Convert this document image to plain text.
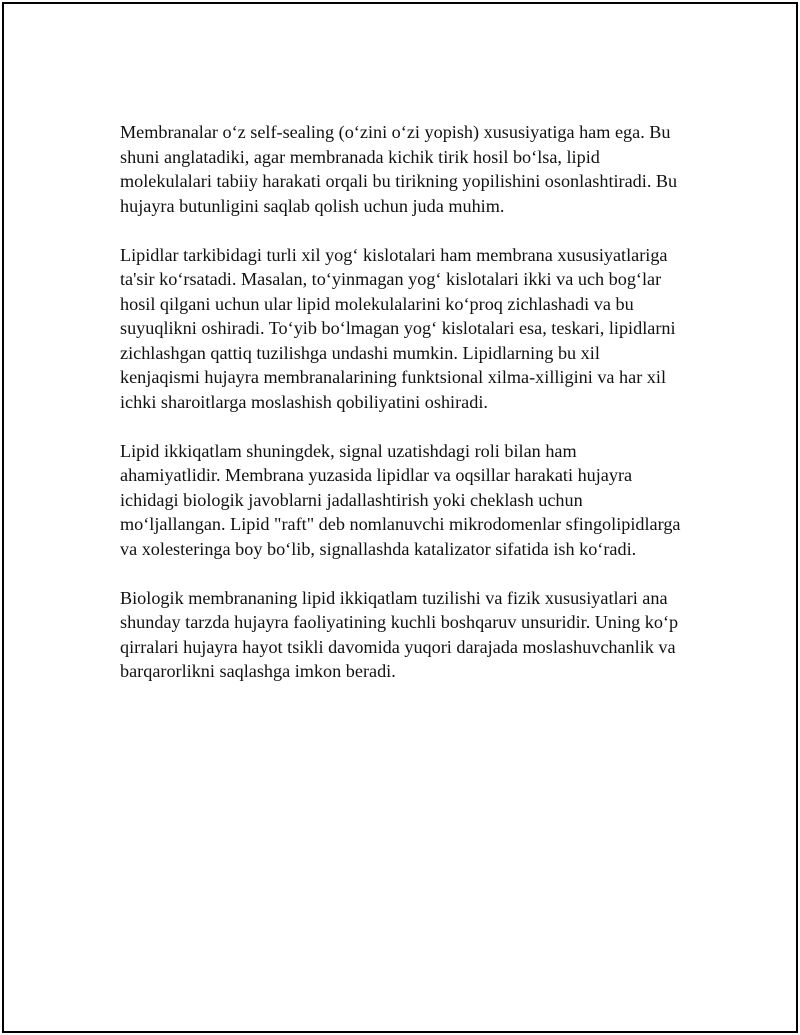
Membranalar o‘z self-sealing (o‘zini o‘zi yopish) xususiyatiga ham ega. Bu
shuni anglatadiki, agar membranada kichik tirik hosil bo‘lsa, lipid
molekulalari tabiiy harakati orqali bu tirikning yopilishini osonlashtiradi. Bu
hujayra butunligini saqlab qolish uchun juda muhim.

Lipidlar tarkibidagi turli xil yog‘ kislotalari ham membrana xususiyatlariga
ta'sir ko‘rsatadi. Masalan, to‘yinmagan yog‘ kislotalari ikki va uch bog‘lar
hosil qilgani uchun ular lipid molekulalarini ko‘proq zichlashadi va bu
suyuqlikni oshiradi. To‘yib bo‘lmagan yog‘ kislotalari esa, teskari, lipidlarni
zichlashgan qattiq tuzilishga undashi mumkin. Lipidlarning bu xil
kenjaqismi hujayra membranalarining funktsional xilma-xilligini va har xil
ichki sharoitlarga moslashish qobiliyatini oshiradi.

Lipid ikkiqatlam shuningdek, signal uzatishdagi roli bilan ham
ahamiyatlidir. Membrana yuzasida lipidlar va oqsillar harakati hujayra
ichidagi biologik javoblarni jadallashtirish yoki cheklash uchun
mo‘ljallangan. Lipid "raft" deb nomlanuvchi mikrodomenlar sfingolipidlarga
va xolesteringa boy bo‘lib, signallashda katalizator sifatida ish ko‘radi.

Biologik membrananing lipid ikkiqatlam tuzilishi va fizik xususiyatlari ana
shunday tarzda hujayra faoliyatining kuchli boshqaruv unsuridir. Uning ko‘p
qirralari hujayra hayot tsikli davomida yuqori darajada moslashuvchanlik va
barqarorlikni saqlashga imkon beradi.
